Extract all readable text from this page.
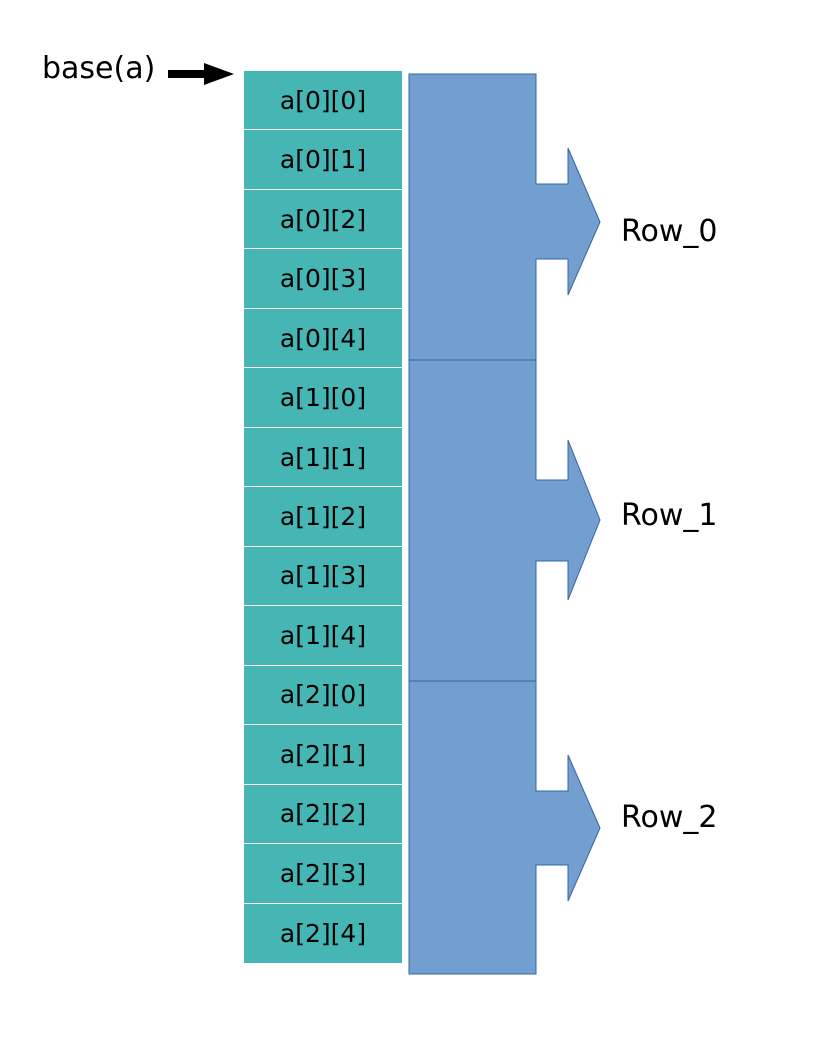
base(a)
a[0][0]
a[0][1]
a[0][2]
a[0][3]
a[0][4]
a[1][0]
a[1][1]
a[1][2]
a[1][3]
a[1][4]
a[2][0]
a[2][1]
a[2][2]
a[2][3]
a[2][4]
Row_0
Row_1
Row_2
